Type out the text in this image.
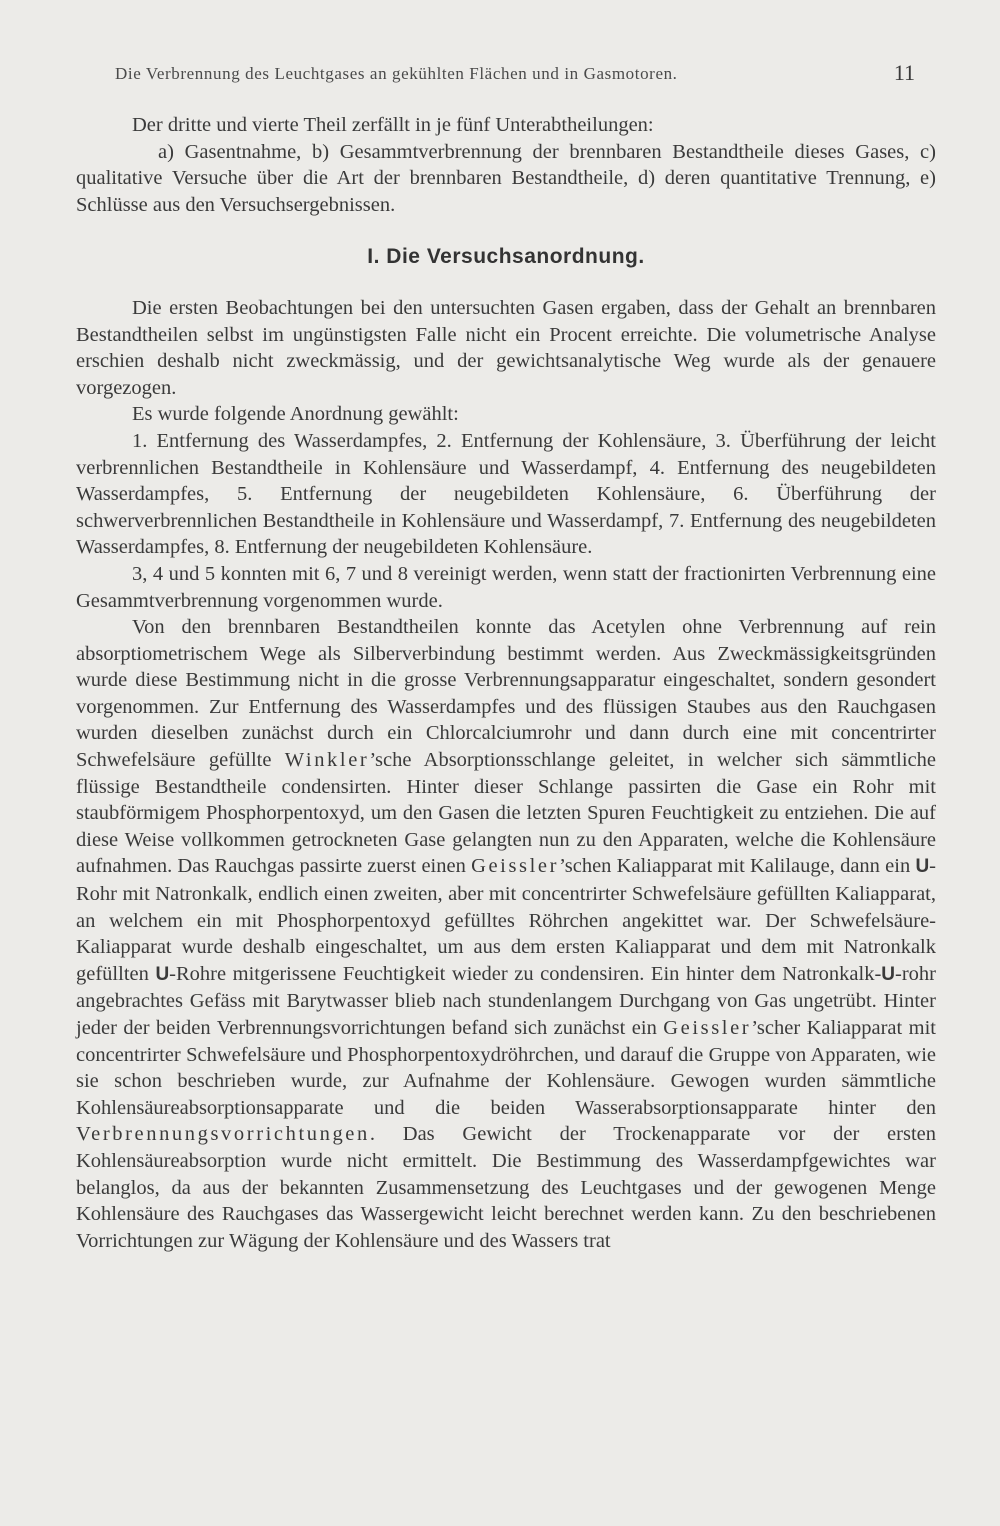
Die Verbrennung des Leuchtgases an gekühlten Flächen und in Gasmotoren.	11

Der dritte und vierte Theil zerfällt in je fünf Unterabtheilungen:

a) Gasentnahme, b) Gesammtverbrennung der brennbaren Bestandtheile dieses Gases, c) qualitative Versuche über die Art der brennbaren Bestandtheile, d) deren quantitative Trennung, e) Schlüsse aus den Versuchsergebnissen.

I. Die Versuchsanordnung.

Die ersten Beobachtungen bei den untersuchten Gasen ergaben, dass der Gehalt an brennbaren Bestandtheilen selbst im ungünstigsten Falle nicht ein Procent erreichte. Die volumetrische Analyse erschien deshalb nicht zweckmässig, und der gewichtsanalytische Weg wurde als der genauere vorgezogen.

Es wurde folgende Anordnung gewählt:

1. Entfernung des Wasserdampfes, 2. Entfernung der Kohlensäure, 3. Überführung der leicht verbrennlichen Bestandtheile in Kohlensäure und Wasserdampf, 4. Entfernung des neugebildeten Wasserdampfes, 5. Entfernung der neugebildeten Kohlensäure, 6. Überführung der schwerverbrennlichen Bestandtheile in Kohlensäure und Wasserdampf, 7. Entfernung des neugebildeten Wasserdampfes, 8. Entfernung der neugebildeten Kohlensäure.

3, 4 und 5 konnten mit 6, 7 und 8 vereinigt werden, wenn statt der fractionirten Verbrennung eine Gesammtverbrennung vorgenommen wurde.

Von den brennbaren Bestandtheilen konnte das Acetylen ohne Verbrennung auf rein absorptiometrischem Wege als Silberverbindung bestimmt werden. Aus Zweckmässigkeitsgründen wurde diese Bestimmung nicht in die grosse Verbrennungsapparatur eingeschaltet, sondern gesondert vorgenommen. Zur Entfernung des Wasserdampfes und des flüssigen Staubes aus den Rauchgasen wurden dieselben zunächst durch ein Chlorcalciumrohr und dann durch eine mit concentrirter Schwefelsäure gefüllte Winkler’sche Absorptionsschlange geleitet, in welcher sich sämmtliche flüssige Bestandtheile condensirten. Hinter dieser Schlange passirten die Gase ein Rohr mit staubförmigem Phosphorpentoxyd, um den Gasen die letzten Spuren Feuchtigkeit zu entziehen. Die auf diese Weise vollkommen getrockneten Gase gelangten nun zu den Apparaten, welche die Kohlensäure aufnahmen. Das Rauchgas passirte zuerst einen Geissler’schen Kaliapparat mit Kalilauge, dann ein U-Rohr mit Natronkalk, endlich einen zweiten, aber mit concentrirter Schwefelsäure gefüllten Kaliapparat, an welchem ein mit Phosphorpentoxyd gefülltes Röhrchen angekittet war. Der Schwefelsäure-Kaliapparat wurde deshalb eingeschaltet, um aus dem ersten Kaliapparat und dem mit Natronkalk gefüllten U-Rohre mitgerissene Feuchtigkeit wieder zu condensiren. Ein hinter dem Natronkalk-U-rohr angebrachtes Gefäss mit Barytwasser blieb nach stundenlangem Durchgang von Gas ungetrübt. Hinter jeder der beiden Verbrennungsvorrichtungen befand sich zunächst ein Geissler’scher Kaliapparat mit concentrirter Schwefelsäure und Phosphorpentoxydröhrchen, und darauf die Gruppe von Apparaten, wie sie schon beschrieben wurde, zur Aufnahme der Kohlensäure. Gewogen wurden sämmtliche Kohlensäureabsorptionsapparate und die beiden Wasserabsorptionsapparate hinter den Verbrennungsvorrichtungen. Das Gewicht der Trockenapparate vor der ersten Kohlensäureabsorption wurde nicht ermittelt. Die Bestimmung des Wasserdampfgewichtes war belanglos, da aus der bekannten Zusammensetzung des Leuchtgases und der gewogenen Menge Kohlensäure des Rauchgases das Wassergewicht leicht berechnet werden kann. Zu den beschriebenen Vorrichtungen zur Wägung der Kohlensäure und des Wassers trat
